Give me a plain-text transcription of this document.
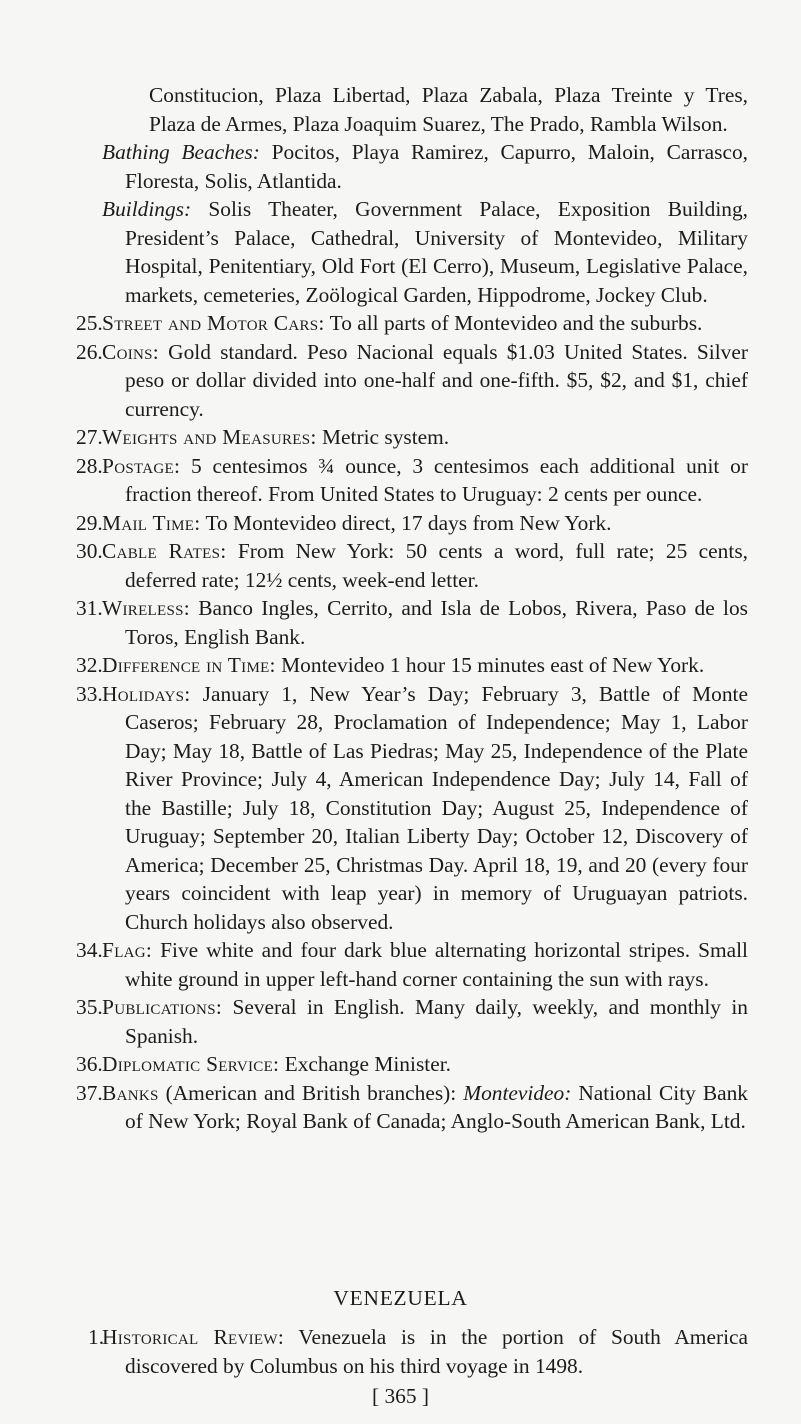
Constitucion, Plaza Libertad, Plaza Zabala, Plaza Treinte y Tres, Plaza de Armes, Plaza Joaquim Suarez, The Prado, Rambla Wilson.

Bathing Beaches: Pocitos, Playa Ramirez, Capurro, Maloin, Carrasco, Floresta, Solis, Atlantida.

Buildings: Solis Theater, Government Palace, Exposition Building, President’s Palace, Cathedral, University of Montevideo, Military Hospital, Penitentiary, Old Fort (El Cerro), Museum, Legislative Palace, markets, cemeteries, Zoölogical Garden, Hippodrome, Jockey Club.

25. Street and Motor Cars: To all parts of Montevideo and the suburbs.

26. Coins: Gold standard. Peso Nacional equals $1.03 United States. Silver peso or dollar divided into one-half and one-fifth. $5, $2, and $1, chief currency.

27. Weights and Measures: Metric system.

28. Postage: 5 centesimos ¾ ounce, 3 centesimos each additional unit or fraction thereof. From United States to Uruguay: 2 cents per ounce.

29. Mail Time: To Montevideo direct, 17 days from New York.

30. Cable Rates: From New York: 50 cents a word, full rate; 25 cents, deferred rate; 12½ cents, week-end letter.

31. Wireless: Banco Ingles, Cerrito, and Isla de Lobos, Rivera, Paso de los Toros, English Bank.

32. Difference in Time: Montevideo 1 hour 15 minutes east of New York.

33. Holidays: January 1, New Year’s Day; February 3, Battle of Monte Caseros; February 28, Proclamation of Independence; May 1, Labor Day; May 18, Battle of Las Piedras; May 25, Independence of the Plate River Province; July 4, American Independence Day; July 14, Fall of the Bastille; July 18, Constitution Day; August 25, Independence of Uruguay; September 20, Italian Liberty Day; October 12, Discovery of America; December 25, Christmas Day. April 18, 19, and 20 (every four years coincident with leap year) in memory of Uruguayan patriots. Church holidays also observed.

34. Flag: Five white and four dark blue alternating horizontal stripes. Small white ground in upper left-hand corner containing the sun with rays.

35. Publications: Several in English. Many daily, weekly, and monthly in Spanish.

36. Diplomatic Service: Exchange Minister.

37. Banks (American and British branches): Montevideo: National City Bank of New York; Royal Bank of Canada; Anglo-South American Bank, Ltd.

VENEZUELA

1.
Historical Review: Venezuela is in the portion of South America discovered by Columbus on his third voyage in 1498.

[ 365 ]
